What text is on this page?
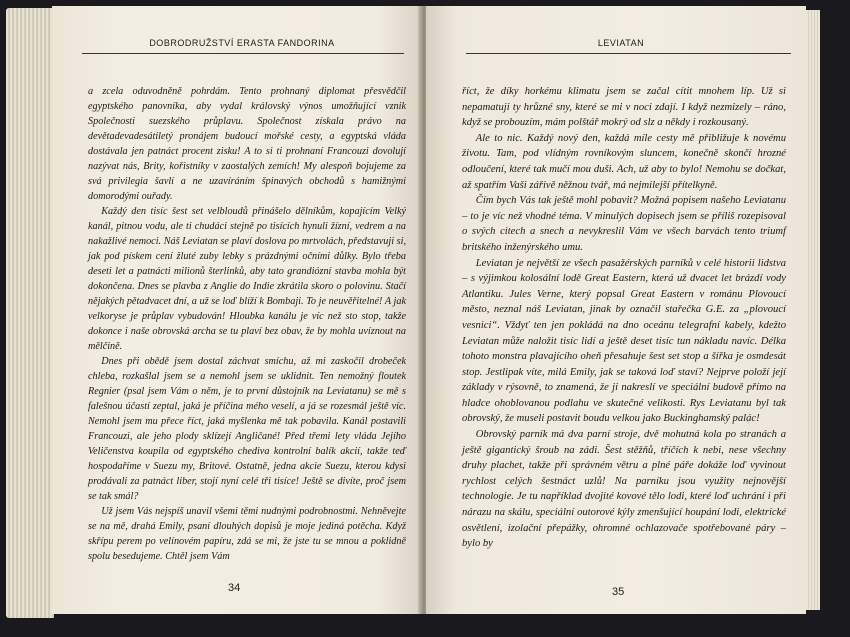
DOBRODRUŽSTVÍ ERASTA FANDORINA

a zcela oduvodněně pohrdám. Tento prohnaný diplomat přesvědčil egyptského panovníka, aby vydal královský výnos umožňující vznik Společnosti suezského průplavu. Společnost získala právo na devětadevadesátiletý pronájem budoucí mořské cesty, a egyptská vláda dostávala jen patnáct procent zisku! A to si ti prohnaní Francouzi dovolují nazývat nás, Brity, kořistníky v zaostalých zemích! My alespoň bojujeme za svá privilegia šavlí a ne uzavíráním špinavých obchodů s hamižnými domorodými ouřady.

Každý den tisíc šest set velbloudů přinášelo dělníkům, kopajícím Velký kanál, pitnou vodu, ale ti chudáci stejně po tisících hynuli žízní, vedrem a na nakažlivé nemoci. Náš Leviatan se plaví doslova po mrtvolách, představuji si, jak pod pískem cení žluté zuby lebky s prázdnými očními důlky. Bylo třeba deseti let a patnácti milionů šterlinků, aby tato grandiózní stavba mohla být dokončena. Dnes se plavba z Anglie do Indie zkrátila skoro o polovinu. Stačí nějakých pětadvacet dní, a už se loď blíží k Bombaji. To je neuvěřitelné! A jak velkoryse je průplav vybudován! Hloubka kanálu je víc než sto stop, takže dokonce i naše obrovská archa se tu plaví bez obav, že by mohla uvíznout na mělčině.

Dnes při obědě jsem dostal záchvat smíchu, až mi zaskočil drobeček chleba, rozkašlal jsem se a nemohl jsem se uklidnit. Ten nemožný floutek Regnier (psal jsem Vám o něm, je to první důstojník na Leviatanu) se mě s falešnou účastí zeptal, jaká je příčina mého veselí, a já se rozesmál ještě víc. Nemohl jsem mu přece říct, jaká myšlenka mě tak pobavila. Kanál postavili Francouzi, ale jeho plody sklízejí Angličané! Před třemi lety vláda Jejího Veličenstva koupila od egyptského chediva kontrolní balík akcií, takže teď hospodaříme v Suezu my, Britové. Ostatně, jedna akcie Suezu, kterou kdysi prodávali za patnáct liber, stojí nyní celé tři tisíce! Ještě se divíte, proč jsem se tak smál?

Už jsem Vás nejspíš unavil všemi těmi nudnými podrobnostmi. Nehněvejte se na mě, drahá Emily, psaní dlouhých dopisů je moje jediná potěcha. Když skřípu perem po velínovém papíru, zdá se mi, že jste tu se mnou a poklidně spolu besedujeme. Chtěl jsem Vám

34
LEVIATAN

říct, že díky horkému klimatu jsem se začal cítit mnohem líp. Už si nepamatuji ty hrůzné sny, které se mi v noci zdají. I když nezmizely – ráno, když se probouzím, mám polštář mokrý od slz a někdy i rozkousaný.

Ale to nic. Každý nový den, každá míle cesty mě přibližuje k novému životu. Tam, pod vlídným rovníkovým sluncem, konečně skončí hrozné odloučení, které tak mučí mou duši. Ach, už aby to bylo! Nemohu se dočkat, až spatřím Vaši zářivě něžnou tvář, má nejmilejší přítelkyně.

Čím bych Vás tak ještě mohl pobavit? Možná popisem našeho Leviatanu – to je víc než vhodné téma. V minulých dopisech jsem se příliš rozepisoval o svých citech a snech a nevykreslil Vám ve všech barvách tento triumf britského inženýrského umu.

Leviatan je největší ze všech pasažérských parníků v celé historii lidstva – s výjimkou kolosální lodě Great Eastern, která už dvacet let brázdí vody Atlantiku. Jules Verne, který popsal Great Eastern v románu Plovoucí město, neznal náš Leviatan, jinak by označil stařečka G.E. za „plovoucí vesnici“. Vždyť ten jen pokládá na dno oceánu telegrafní kabely, kdežto Leviatan může naložit tisíc lidí a ještě deset tisíc tun nákladu navíc. Délka tohoto monstra plavajícího oheň přesahuje šest set stop a šířka je osmdesát stop. Jestlipak víte, milá Emily, jak se taková loď staví? Nejprve položí její základy v rýsovně, to znamená, že ji nakreslí ve speciální budově přímo na hladce ohoblovanou podlahu ve skutečné velikosti. Rys Leviatanu byl tak obrovský, že museli postavit boudu velkou jako Buckinghamský palác!

Obrovský parník má dva parní stroje, dvě mohutná kola po stranách a ještě gigantický šroub na zádi. Šest stěžňů, tříčích k nebi, nese všechny druhy plachet, takže při správném větru a plné páře dokáže loď vyvinout rychlost celých šestnáct uzlů! Na parníku jsou využity nejnovější technologie. Je tu například dvojité kovové tělo lodi, které loď uchrání i při nárazu na skálu, speciální outorové kýly zmenšující houpání lodi, elektrické osvětlení, izolační přepážky, ohromné ochlazovače spotřebované páry – bylo by

35
